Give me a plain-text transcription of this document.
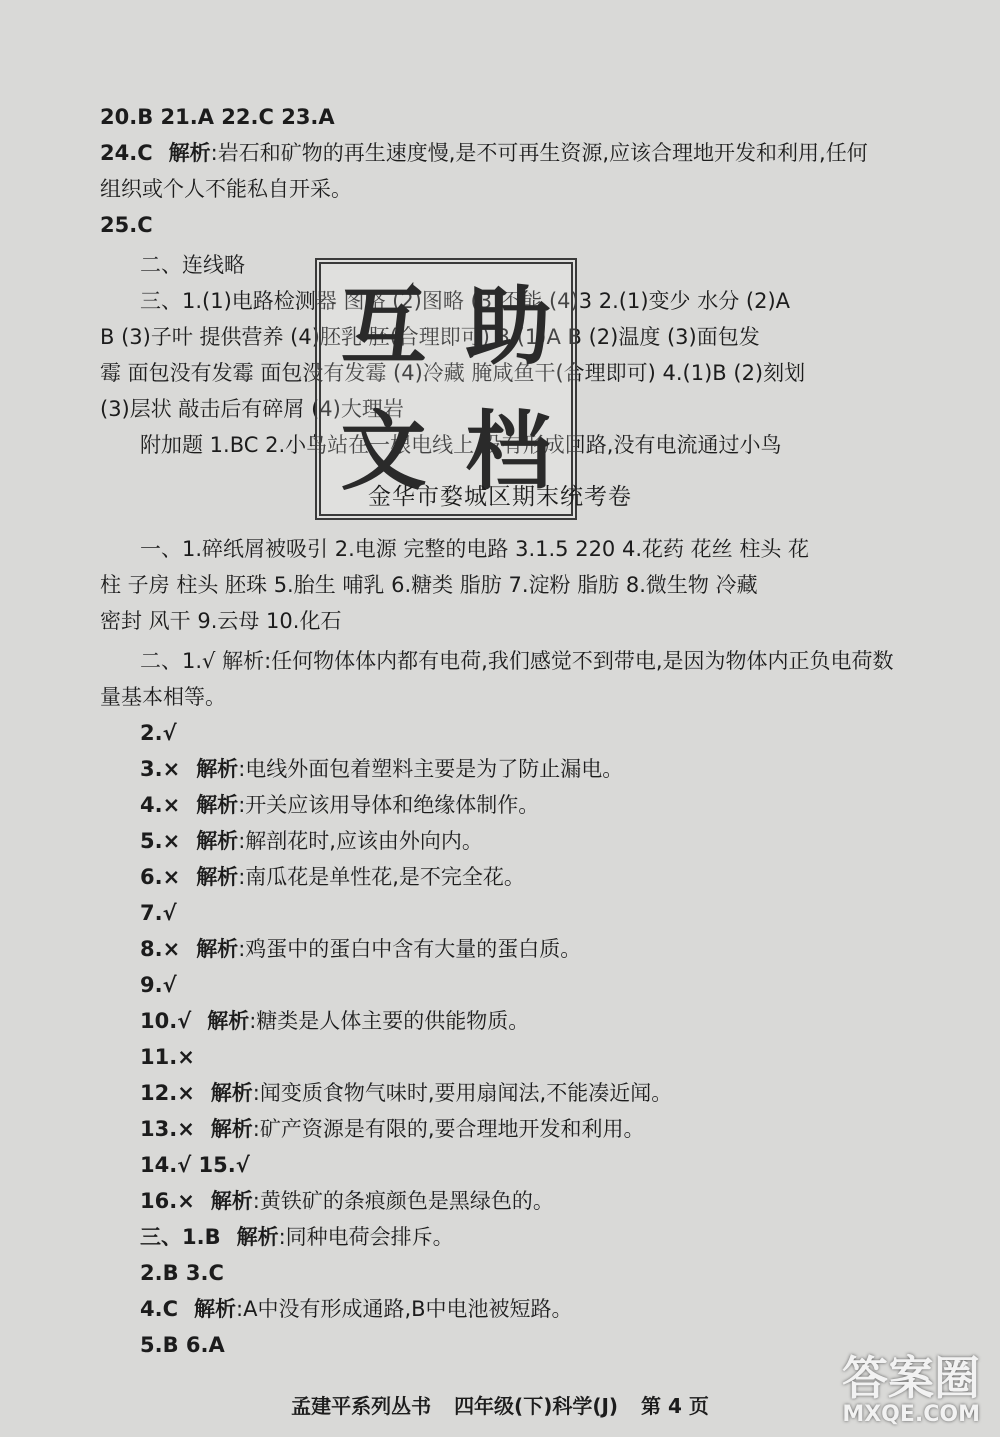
20.B 21.A 22.C 23.A
24.C 解析:岩石和矿物的再生速度慢,是不可再生资源,应该合理地开发和利用,任何
组织或个人不能私自开采。
25.C
二、连线略
三、1.(1)电路检测器 图略 (2)图略 (3)不能 (4)3 2.(1)变少 水分 (2)A
B (3)子叶 提供营养 (4)胚乳 胚(合理即可) 3.(1)A B (2)温度 (3)面包发
霉 面包没有发霉 面包没有发霉 (4)冷藏 腌咸鱼干(合理即可) 4.(1)B (2)刻划
(3)层状 敲击后有碎屑 (4)大理岩
附加题 1.BC 2.小鸟站在一根电线上,没有形成回路,没有电流通过小鸟
互 助
文 档
金华市婺城区期末统考卷
一、1.碎纸屑被吸引 2.电源 完整的电路 3.1.5 220 4.花药 花丝 柱头 花
柱 子房 柱头 胚珠 5.胎生 哺乳 6.糖类 脂肪 7.淀粉 脂肪 8.微生物 冷藏
密封 风干 9.云母 10.化石
二、1.√ 解析:任何物体体内都有电荷,我们感觉不到带电,是因为物体内正负电荷数
量基本相等。
2.√
3.× 解析:电线外面包着塑料主要是为了防止漏电。
4.× 解析:开关应该用导体和绝缘体制作。
5.× 解析:解剖花时,应该由外向内。
6.× 解析:南瓜花是单性花,是不完全花。
7.√
8.× 解析:鸡蛋中的蛋白中含有大量的蛋白质。
9.√
10.√ 解析:糖类是人体主要的供能物质。
11.×
12.× 解析:闻变质食物气味时,要用扇闻法,不能凑近闻。
13.× 解析:矿产资源是有限的,要合理地开发和利用。
14.√ 15.√
16.× 解析:黄铁矿的条痕颜色是黑绿色的。
三、1.B 解析:同种电荷会排斥。
2.B 3.C
4.C 解析:A中没有形成通路,B中电池被短路。
5.B 6.A
孟建平系列丛书 四年级(下)科学(J) 第 4 页
答案圈
MXQE.COM
